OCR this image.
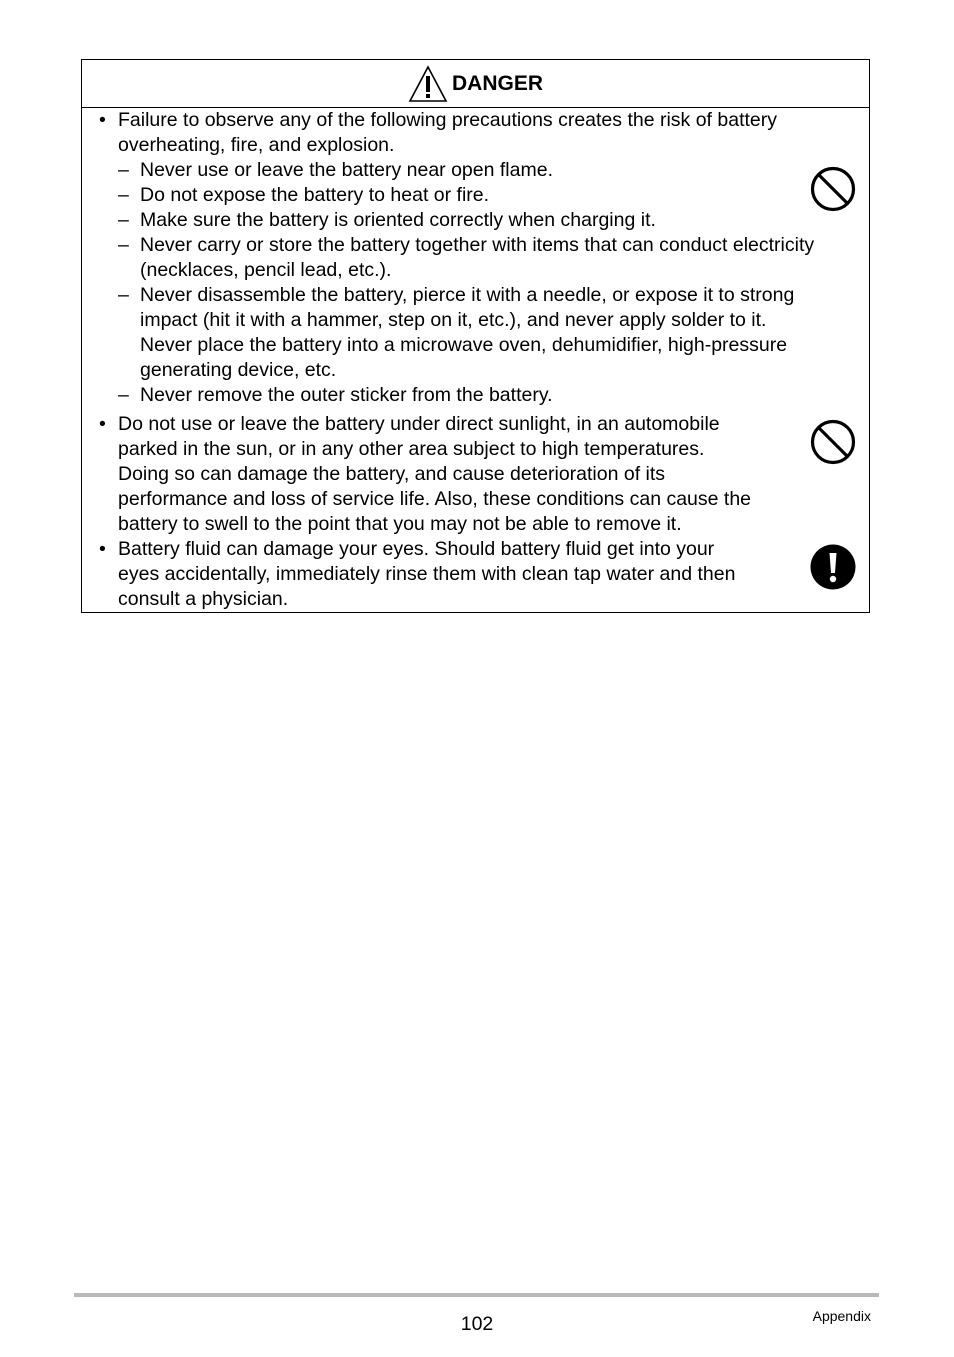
DANGER
• Failure to observe any of the following precautions creates the risk of battery
overheating, fire, and explosion.
– Never use or leave the battery near open flame.
– Do not expose the battery to heat or fire.
– Make sure the battery is oriented correctly when charging it.
– Never carry or store the battery together with items that can conduct electricity
(necklaces, pencil lead, etc.).
– Never disassemble the battery, pierce it with a needle, or expose it to strong
impact (hit it with a hammer, step on it, etc.), and never apply solder to it.
Never place the battery into a microwave oven, dehumidifier, high-pressure
generating device, etc.
– Never remove the outer sticker from the battery.
• Do not use or leave the battery under direct sunlight, in an automobile
parked in the sun, or in any other area subject to high temperatures.
Doing so can damage the battery, and cause deterioration of its
performance and loss of service life. Also, these conditions can cause the
battery to swell to the point that you may not be able to remove it.
• Battery fluid can damage your eyes. Should battery fluid get into your
eyes accidentally, immediately rinse them with clean tap water and then
consult a physician.
102	Appendix
